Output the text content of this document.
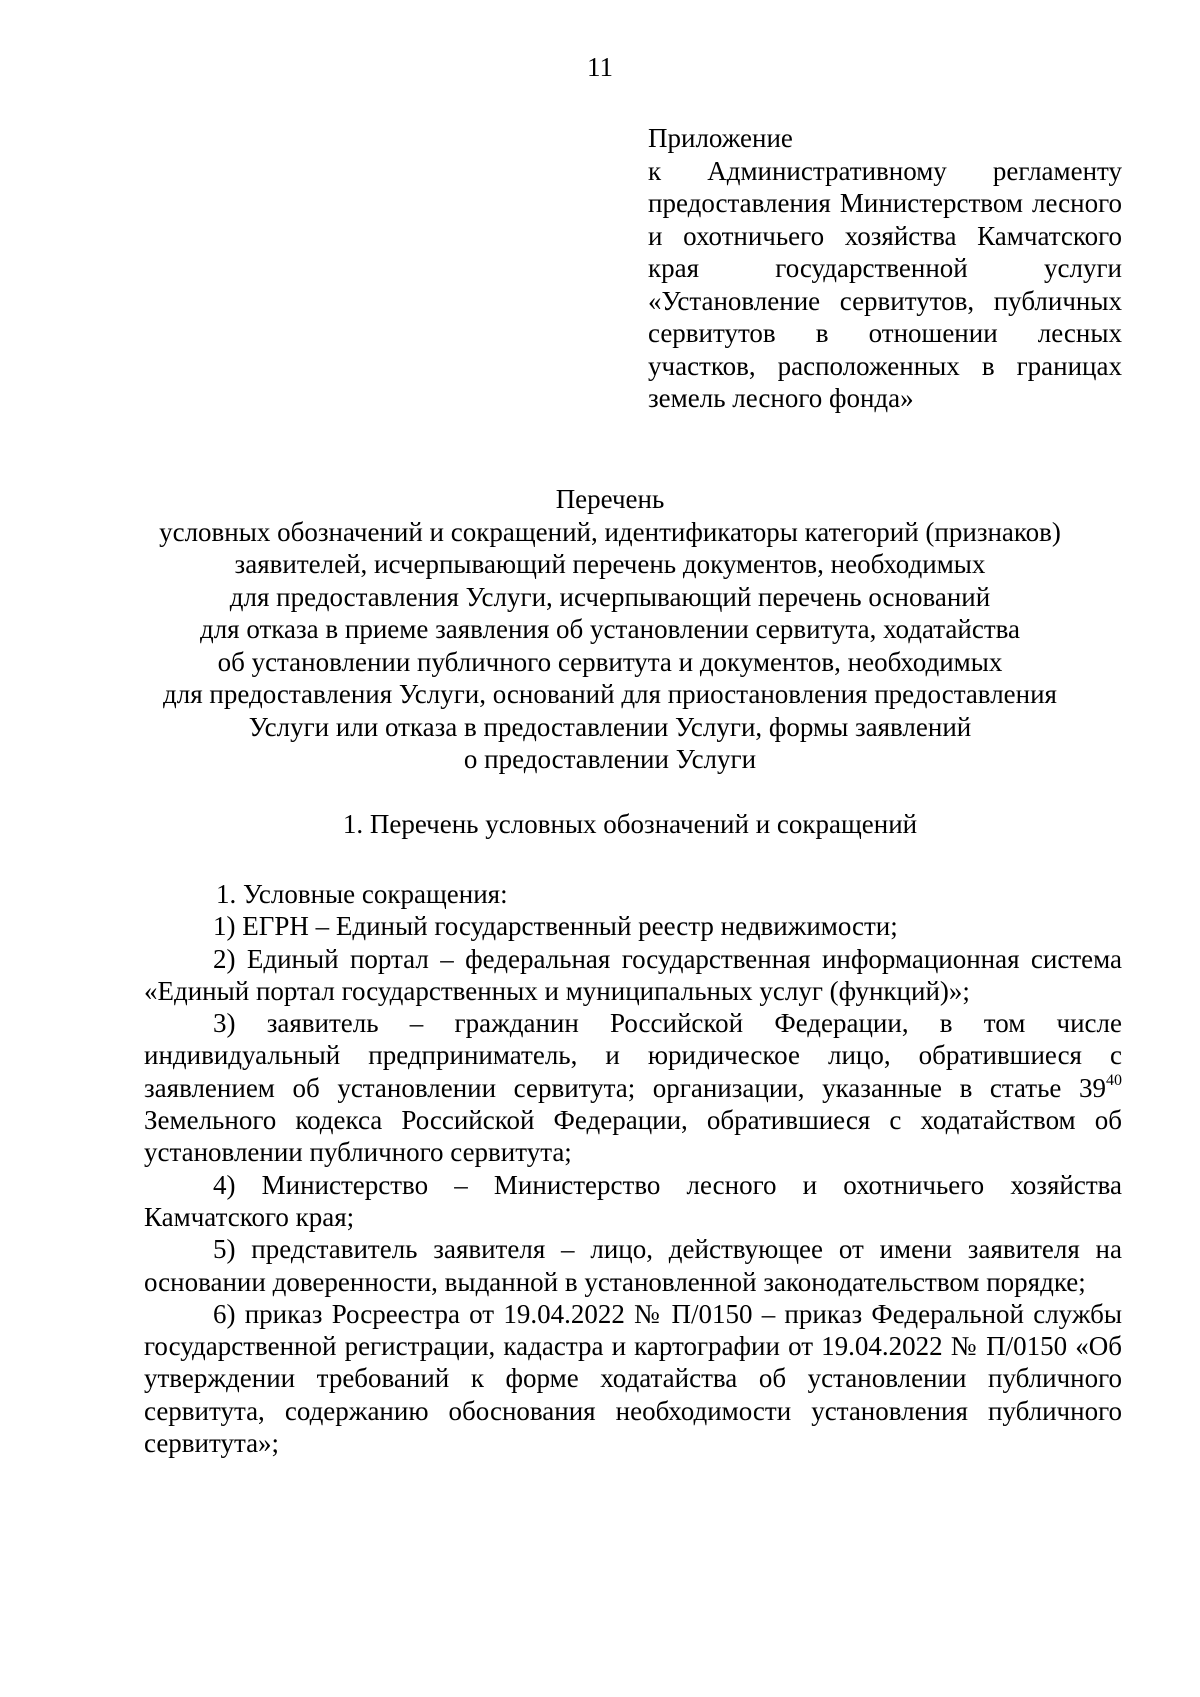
11
Приложение
к Административному регламенту предоставления Министерством лесного и охотничьего хозяйства Камчатского края государственной услуги «Установление сервитутов, публичных сервитутов в отношении лесных участков, расположенных в границах земель лесного фонда»
Перечень
условных обозначений и сокращений, идентификаторы категорий (признаков)
заявителей, исчерпывающий перечень документов, необходимых
для предоставления Услуги, исчерпывающий перечень оснований
для отказа в приеме заявления об установлении сервитута, ходатайства
об установлении публичного сервитута и документов, необходимых
для предоставления Услуги, оснований для приостановления предоставления
Услуги или отказа в предоставлении Услуги, формы заявлений
о предоставлении Услуги
1. Перечень условных обозначений и сокращений

1. Условные сокращения:

1) ЕГРН – Единый государственный реестр недвижимости;

2) Единый портал – федеральная государственная информационная система «Единый портал государственных и муниципальных услуг (функций)»;

3) заявитель – гражданин Российской Федерации, в том числе индивидуальный предприниматель, и юридическое лицо, обратившиеся с заявлением об установлении сервитута; организации, указанные в статье $39^{40}$ Земельного кодекса Российской Федерации, обратившиеся с ходатайством об установлении публичного сервитута;

4) Министерство – Министерство лесного и охотничьего хозяйства Камчатского края;

5) представитель заявителя – лицо, действующее от имени заявителя на основании доверенности, выданной в установленной законодательством порядке;

6) приказ Росреестра от 19.04.2022 № П/0150 – приказ Федеральной службы государственной регистрации, кадастра и картографии от 19.04.2022 № П/0150 «Об утверждении требований к форме ходатайства об установлении публичного сервитута, содержанию обоснования необходимости установления публичного сервитута»;
